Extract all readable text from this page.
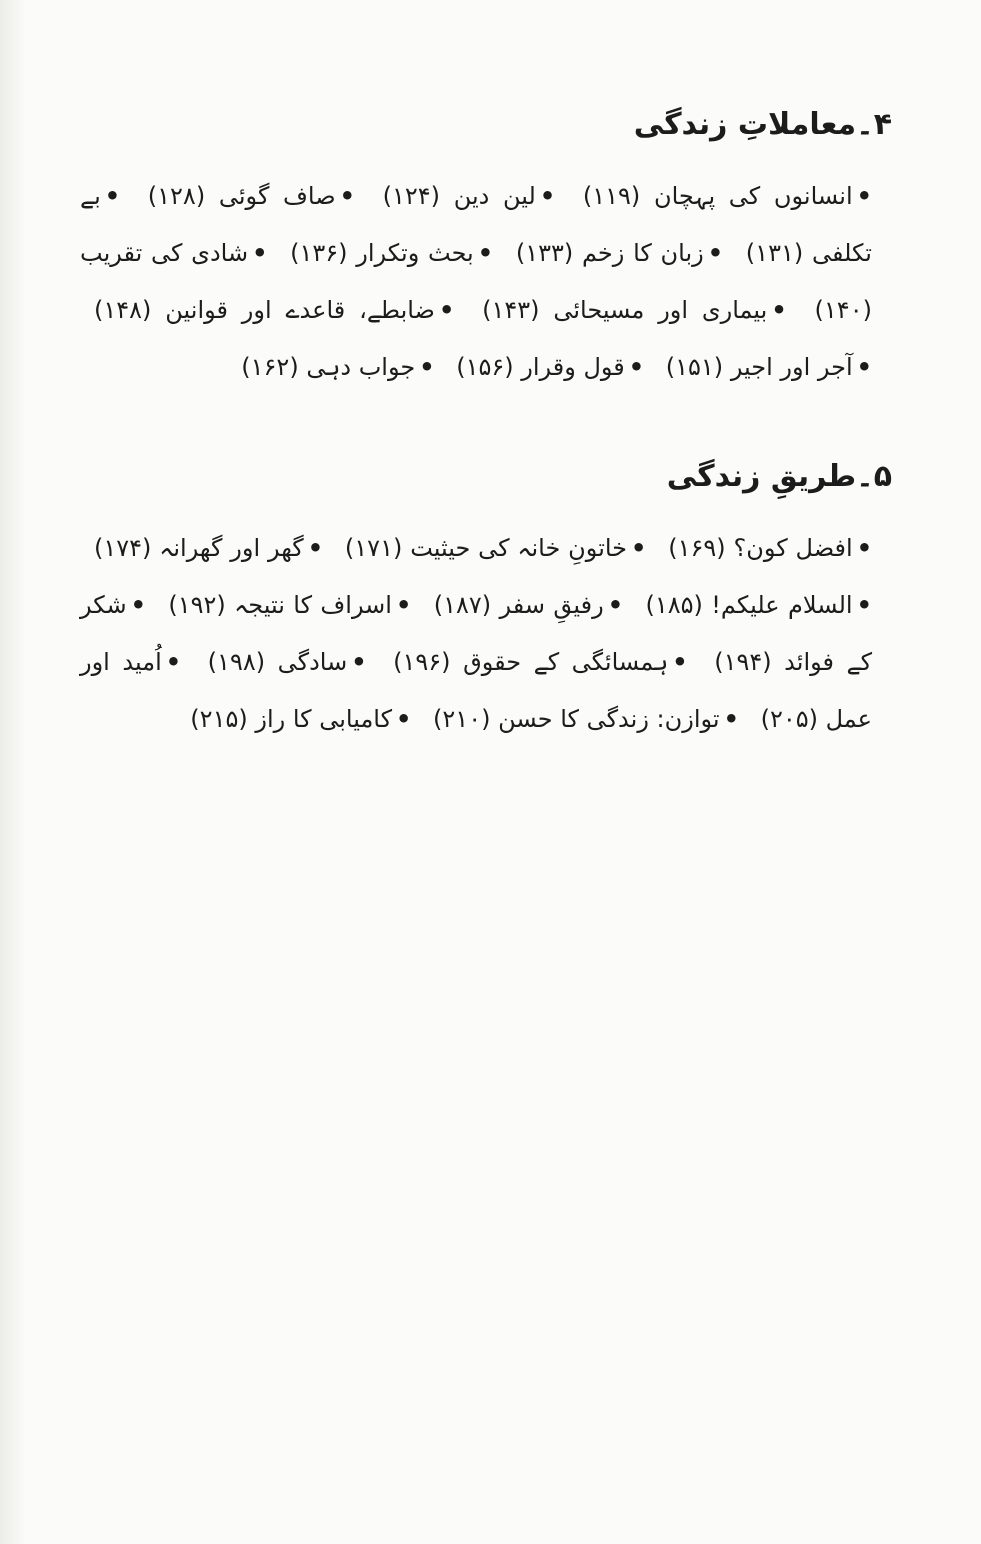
۴۔معاملاتِ زندگی
•انسانوں کی پہچان (۱۱۹) •لین دین (۱۲۴) •صاف گوئی (۱۲۸) •بے تکلفی (۱۳۱) •زبان کا زخم (۱۳۳) •بحث وتکرار (۱۳۶) •شادی کی تقریب (۱۴۰) •بیماری اور مسیحائی (۱۴۳) •ضابطے، قاعدے اور قوانین (۱۴۸) •آجر اور اجیر (۱۵۱) •قول وقرار (۱۵۶) •جواب دہی (۱۶۲)
۵۔طریقِ زندگی
•افضل کون؟ (۱۶۹) •خاتونِ خانہ کی حیثیت (۱۷۱) •گھر اور گھرانہ (۱۷۴) •السلام علیکم! (۱۸۵) •رفیقِ سفر (۱۸۷) •اسراف کا نتیجہ (۱۹۲) •شکر کے فوائد (۱۹۴) •ہمسائگی کے حقوق (۱۹۶) •سادگی (۱۹۸) •اُمید اور عمل (۲۰۵) •توازن: زندگی کا حسن (۲۱۰) •کامیابی کا راز (۲۱۵)
